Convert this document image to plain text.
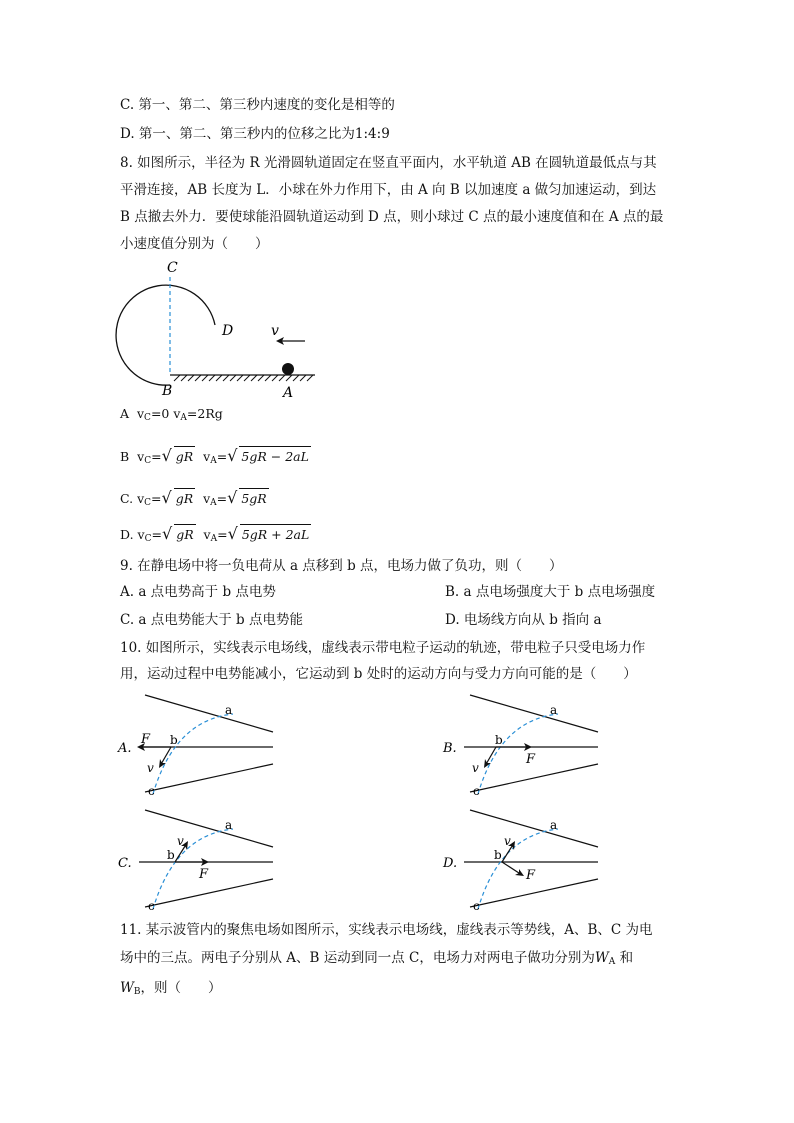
C. 第一、第二、第三秒内速度的变化是相等的
D. 第一、第二、第三秒内的位移之比为1:4:9
8. 如图所示，半径为 R 光滑圆轨道固定在竖直平面内，水平轨道 AB 在圆轨道最低点与其
平滑连接，AB 长度为 L．小球在外力作用下，由 A 向 B 以加速度 a 做匀加速运动，到达
B 点撤去外力．要使球能沿圆轨道运动到 D 点，则小球过 C 点的最小速度值和在 A 点的最
小速度值分别为（　　）
C
D
B	A
v
A $v_C=0$ $v_A=2Rg$
B  $v_C=√$ gR  $v_A=√$ 5gR − 2aL
C. $v_C=√$ gR  $v_A=√$ 5gR
D. $v_C=√$ gR  $v_A=√$ 5gR + 2aL
9. 在静电场中将一负电荷从 a 点移到 b 点，电场力做了负功，则（　　）
A. a 点电势高于 b 点电势	B. a 点电场强度大于 b 点电场强度
C. a 点电势能大于 b 点电势能	D. 电场线方向从 b 指向 a
10. 如图所示，实线表示电场线，虚线表示带电粒子运动的轨迹，带电粒子只受电场力作
用，运动过程中电势能减小，它运动到 b 处时的运动方向与受力方向可能的是（　　）
A.
F b
v
a
c
B.
F
b
v
a
c
C.
F
b
v
a
c
D.
F
b
v
a
c
11. 某示波管内的聚焦电场如图所示，实线表示电场线，虚线表示等势线，A、B、C 为电
场中的三点。两电子分别从 A、B 运动到同一点 C，电场力对两电子做功分别为$W_A$ 和
$W_B$，则（　　）
